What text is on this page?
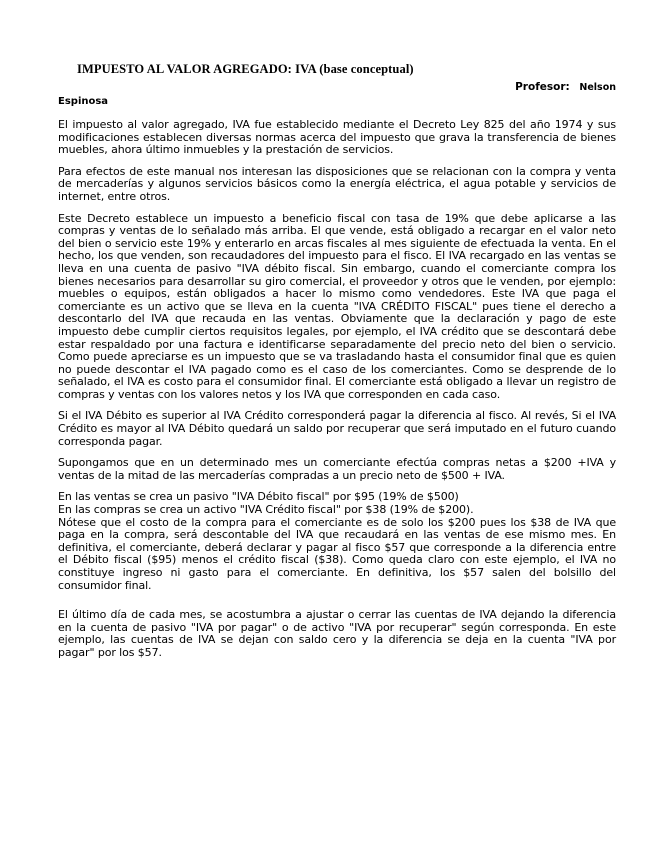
IMPUESTO AL VALOR AGREGADO: IVA (base conceptual)
Profesor: Nelson
Espinosa

El impuesto al valor agregado, IVA fue establecido mediante el Decreto Ley 825 del año 1974 y sus modificaciones establecen diversas normas acerca del impuesto que grava la transferencia de bienes muebles, ahora último inmuebles y la prestación de servicios.

Para efectos de este manual nos interesan las disposiciones que se relacionan con la compra y venta de mercaderías y algunos servicios básicos como la energía eléctrica, el agua potable y servicios de internet, entre otros.

Este Decreto establece un impuesto a beneficio fiscal con tasa de 19% que debe aplicarse a las compras y ventas de lo señalado más arriba. El que vende, está obligado a recargar en el valor neto del bien o servicio este 19% y enterarlo en arcas fiscales al mes siguiente de efectuada la venta. En el hecho, los que venden, son recaudadores del impuesto para el fisco. El IVA recargado en las ventas se lleva en una cuenta de pasivo "IVA débito fiscal. Sin embargo, cuando el comerciante compra los bienes necesarios para desarrollar su giro comercial, el proveedor y otros que le venden, por ejemplo: muebles o equipos, están obligados a hacer lo mismo como vendedores. Este IVA que paga el comerciante es un activo que se lleva en la cuenta "IVA CRÉDITO FISCAL" pues tiene el derecho a descontarlo del IVA que recauda en las ventas. Obviamente que la declaración y pago de este impuesto debe cumplir ciertos requisitos legales, por ejemplo, el IVA crédito que se descontará debe estar respaldado por una factura e identificarse separadamente del precio neto del bien o servicio. Como puede apreciarse es un impuesto que se va trasladando hasta el consumidor final que es quien no puede descontar el IVA pagado como es el caso de los comerciantes. Como se desprende de lo señalado, el IVA es costo para el consumidor final. El comerciante está obligado a llevar un registro de compras y ventas con los valores netos y los IVA que corresponden en cada caso.

Si el IVA Débito es superior al IVA Crédito corresponderá pagar la diferencia al fisco. Al revés, Si el IVA Crédito es mayor al IVA Débito quedará un saldo por recuperar que será imputado en el futuro cuando corresponda pagar.

Supongamos que en un determinado mes un comerciante efectúa compras netas a $200 +IVA y ventas de la mitad de las mercaderías compradas a un precio neto de $500 + IVA.

En las ventas se crea un pasivo "IVA Débito fiscal" por $95 (19% de $500)

En las compras se crea un activo "IVA Crédito fiscal" por $38 (19% de $200).

Nótese que el costo de la compra para el comerciante es de solo los $200 pues los $38 de IVA que paga en la compra, será descontable del IVA que recaudará en las ventas de ese mismo mes. En definitiva, el comerciante, deberá declarar y pagar al fisco $57 que corresponde a la diferencia entre el Débito fiscal ($95) menos el crédito fiscal ($38). Como queda claro con este ejemplo, el IVA no constituye ingreso ni gasto para el comerciante. En definitiva, los $57 salen del bolsillo del consumidor final.

El último día de cada mes, se acostumbra a ajustar o cerrar las cuentas de IVA dejando la diferencia en la cuenta de pasivo "IVA por pagar" o de activo "IVA por recuperar" según corresponda. En este ejemplo, las cuentas de IVA se dejan con saldo cero y la diferencia se deja en la cuenta "IVA por pagar" por los $57.
